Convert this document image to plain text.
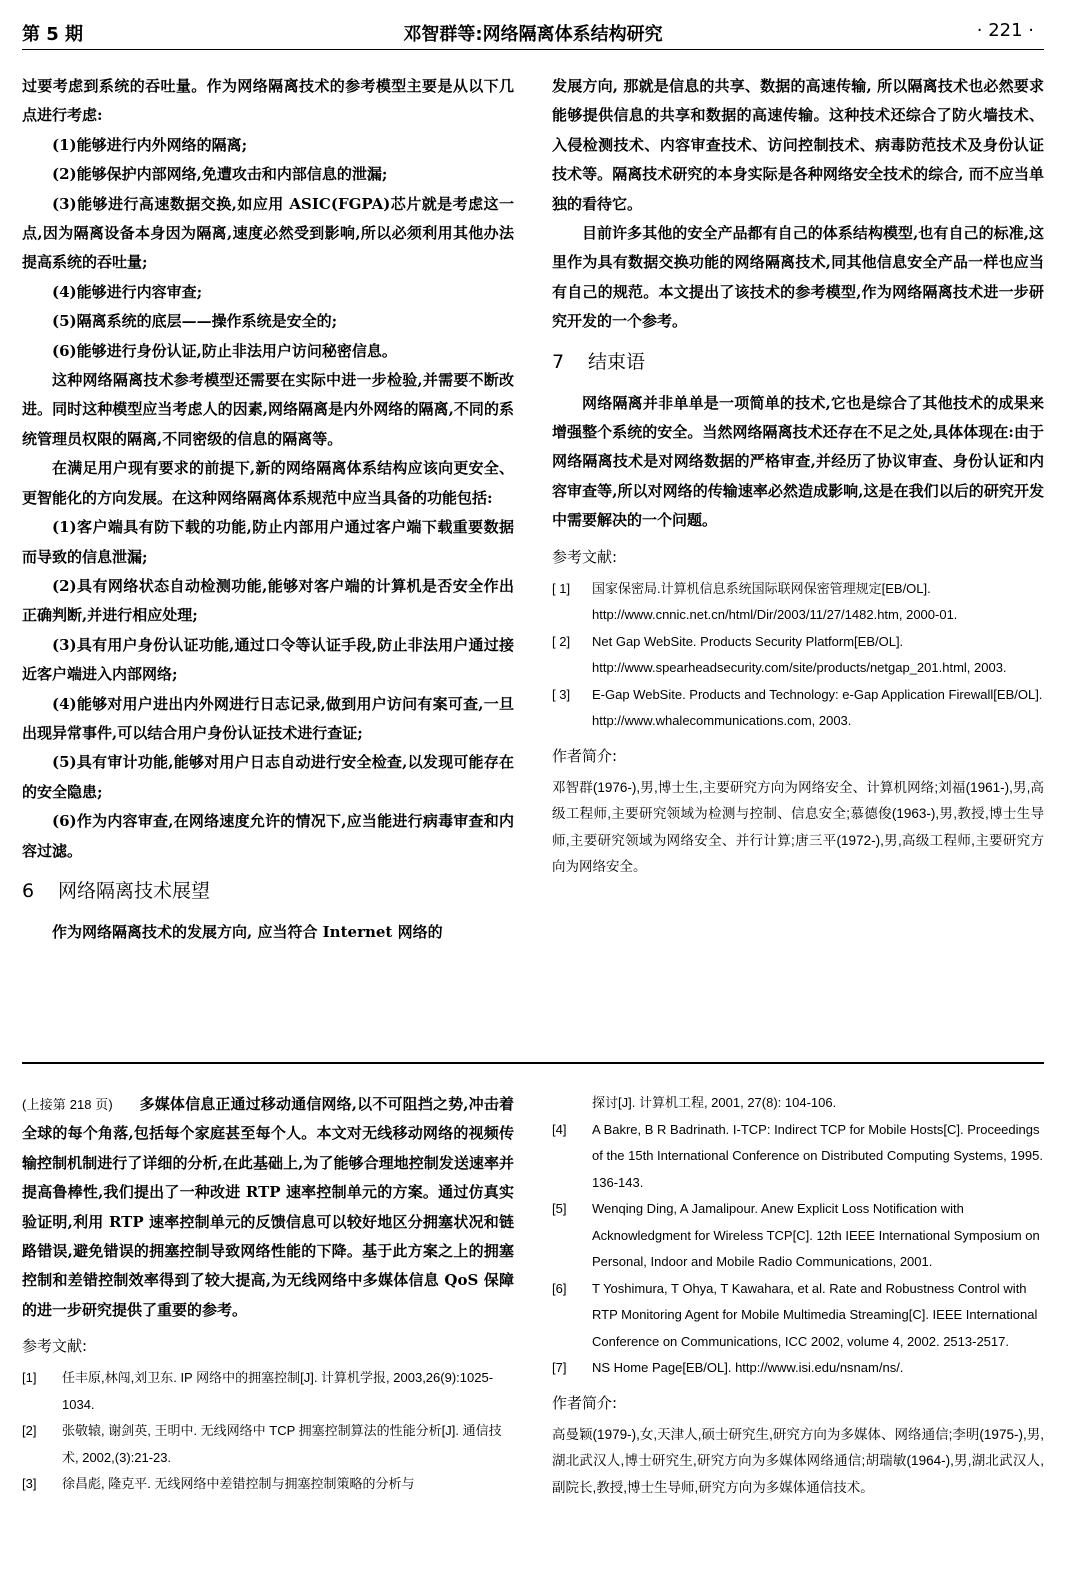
第 5 期	邓智群等:网络隔离体系结构研究	· 221 ·

过要考虑到系统的吞吐量。作为网络隔离技术的参考模型主要是从以下几点进行考虑:

(1)能够进行内外网络的隔离;

(2)能够保护内部网络,免遭攻击和内部信息的泄漏;

(3)能够进行高速数据交换,如应用 ASIC(FGPA)芯片就是考虑这一点,因为隔离设备本身因为隔离,速度必然受到影响,所以必须利用其他办法提高系统的吞吐量;

(4)能够进行内容审查;

(5)隔离系统的底层——操作系统是安全的;

(6)能够进行身份认证,防止非法用户访问秘密信息。

这种网络隔离技术参考模型还需要在实际中进一步检验,并需要不断改进。同时这种模型应当考虑人的因素,网络隔离是内外网络的隔离,不同的系统管理员权限的隔离,不同密级的信息的隔离等。

在满足用户现有要求的前提下,新的网络隔离体系结构应该向更安全、更智能化的方向发展。在这种网络隔离体系规范中应当具备的功能包括:

(1)客户端具有防下载的功能,防止内部用户通过客户端下载重要数据而导致的信息泄漏;

(2)具有网络状态自动检测功能,能够对客户端的计算机是否安全作出正确判断,并进行相应处理;

(3)具有用户身份认证功能,通过口令等认证手段,防止非法用户通过接近客户端进入内部网络;

(4)能够对用户进出内外网进行日志记录,做到用户访问有案可查,一旦出现异常事件,可以结合用户身份认证技术进行查证;

(5)具有审计功能,能够对用户日志自动进行安全检查,以发现可能存在的安全隐患;

(6)作为内容审查,在网络速度允许的情况下,应当能进行病毒审查和内容过滤。

6 网络隔离技术展望

作为网络隔离技术的发展方向, 应当符合 Internet 网络的

发展方向, 那就是信息的共享、数据的高速传输, 所以隔离技术也必然要求能够提供信息的共享和数据的高速传输。这种技术还综合了防火墙技术、入侵检测技术、内容审查技术、访问控制技术、病毒防范技术及身份认证技术等。隔离技术研究的本身实际是各种网络安全技术的综合, 而不应当单独的看待它。

目前许多其他的安全产品都有自己的体系结构模型,也有自己的标准,这里作为具有数据交换功能的网络隔离技术,同其他信息安全产品一样也应当有自己的规范。本文提出了该技术的参考模型,作为网络隔离技术进一步研究开发的一个参考。

7 结束语

网络隔离并非单单是一项简单的技术,它也是综合了其他技术的成果来增强整个系统的安全。当然网络隔离技术还存在不足之处,具体体现在:由于网络隔离技术是对网络数据的严格审查,并经历了协议审查、身份认证和内容审查等,所以对网络的传输速率必然造成影响,这是在我们以后的研究开发中需要解决的一个问题。

参考文献:
[ 1] 国家保密局.计算机信息系统国际联网保密管理规定[EB/OL]. http://www.cnnic.net.cn/html/Dir/2003/11/27/1482.htm, 2000-01.
[ 2] Net Gap WebSite. Products Security Platform[EB/OL]. http://www.spearheadsecurity.com/site/products/netgap_201.html, 2003.
[ 3] E-Gap WebSite. Products and Technology: e-Gap Application Firewall[EB/OL]. http://www.whalecommunications.com, 2003.
作者简介:
邓智群(1976-),男,博士生,主要研究方向为网络安全、计算机网络;刘福(1961-),男,高级工程师,主要研究领域为检测与控制、信息安全;慕德俊(1963-),男,教授,博士生导师,主要研究领域为网络安全、并行计算;唐三平(1972-),男,高级工程师,主要研究方向为网络安全。

(上接第 218 页) 多媒体信息正通过移动通信网络,以不可阻挡之势,冲击着全球的每个角落,包括每个家庭甚至每个人。本文对无线移动网络的视频传输控制机制进行了详细的分析,在此基础上,为了能够合理地控制发送速率并提高鲁棒性,我们提出了一种改进 RTP 速率控制单元的方案。通过仿真实验证明,利用 RTP 速率控制单元的反馈信息可以较好地区分拥塞状况和链路错误,避免错误的拥塞控制导致网络性能的下降。基于此方案之上的拥塞控制和差错控制效率得到了较大提高,为无线网络中多媒体信息 QoS 保障的进一步研究提供了重要的参考。

参考文献:
[1] 任丰原,林闯,刘卫东. IP 网络中的拥塞控制[J]. 计算机学报, 2003,26(9):1025-1034.
[2] 张敬辕, 谢剑英, 王明中. 无线网络中 TCP 拥塞控制算法的性能分析[J]. 通信技术, 2002,(3):21-23.
[3] 徐昌彪, 隆克平. 无线网络中差错控制与拥塞控制策略的分析与
探讨[J]. 计算机工程, 2001, 27(8): 104-106.
[4] A Bakre, B R Badrinath. I-TCP: Indirect TCP for Mobile Hosts[C]. Proceedings of the 15th International Conference on Distributed Computing Systems, 1995. 136-143.
[5] Wenqing Ding, A Jamalipour. Anew Explicit Loss Notification with Acknowledgment for Wireless TCP[C]. 12th IEEE International Symposium on Personal, Indoor and Mobile Radio Communications, 2001.
[6] T Yoshimura, T Ohya, T Kawahara, et al. Rate and Robustness Control with RTP Monitoring Agent for Mobile Multimedia Streaming[C]. IEEE International Conference on Communications, ICC 2002, volume 4, 2002. 2513-2517.
[7] NS Home Page[EB/OL]. http://www.isi.edu/nsnam/ns/.
作者简介:
高曼颖(1979-),女,天津人,硕士研究生,研究方向为多媒体、网络通信;李明(1975-),男,湖北武汉人,博士研究生,研究方向为多媒体网络通信;胡瑞敏(1964-),男,湖北武汉人,副院长,教授,博士生导师,研究方向为多媒体通信技术。
